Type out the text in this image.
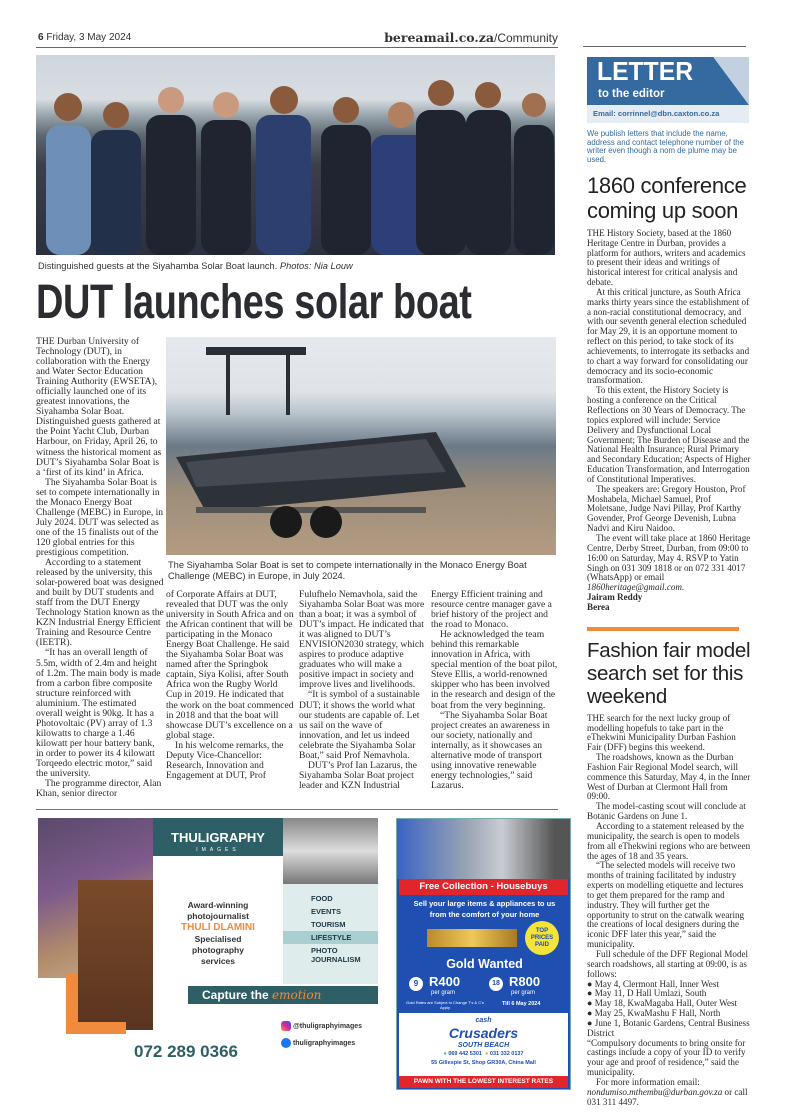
6 Friday, 3 May 2024	bereamail.co.za/Community
Distinguished guests at the Siyahamba Solar Boat launch. Photos: Nia Louw
DUT launches solar boat

THE Durban University of Technology (DUT), in collaboration with the Energy and Water Sector Education Training Authority (EWSETA), officially launched one of its greatest innovations, the Siyahamba Solar Boat. Distinguished guests gathered at the Point Yacht Club, Durban Harbour, on Friday, April 26, to witness the historical moment as DUT’s Siyahamba Solar Boat is a ‘first of its kind’ in Africa.

The Siyahamba Solar Boat is set to compete internationally in the Monaco Energy Boat Challenge (MEBC) in Europe, in July 2024. DUT was selected as one of the 15 finalists out of the 120 global entries for this prestigious competition.

According to a statement released by the university, this solar-powered boat was designed and built by DUT students and staff from the DUT Energy Technology Station known as the KZN Industrial Energy Efficient Training and Resource Centre (IEETR).

“It has an overall length of 5.5m, width of 2.4m and height of 1.2m. The main body is made from a carbon fibre composite structure reinforced with aluminium. The estimated overall weight is 90kg. It has a Photovoltaic (PV) array of 1.3 kilowatts to charge a 1.46 kilowatt per hour battery bank, in order to power its 4 kilowatt Torqeedo electric motor,” said the university.

The programme director, Alan Khan, senior director

The Siyahamba Solar Boat is set to compete internationally in the Monaco Energy Boat Challenge (MEBC) in Europe, in July 2024.

of Corporate Affairs at DUT, revealed that DUT was the only university in South Africa and on the African continent that will be participating in the Monaco Energy Boat Challenge. He said the Siyahamba Solar Boat was named after the Springbok captain, Siya Kolisi, after South Africa won the Rugby World Cup in 2019. He indicated that the work on the boat commenced in 2018 and that the boat will showcase DUT’s excellence on a global stage.

In his welcome remarks, the Deputy Vice-Chancellor: Research, Innovation and Engagement at DUT, Prof

Fulufhelo Nemavhola, said the Siyahamba Solar Boat was more than a boat; it was a symbol of DUT’s impact. He indicated that it was aligned to DUT’s ENVISION2030 strategy, which aspires to produce adaptive graduates who will make a positive impact in society and improve lives and livelihoods.

“It is symbol of a sustainable DUT; it shows the world what our students are capable of. Let us sail on the wave of innovation, and let us indeed celebrate the Siyahamba Solar Boat,” said Prof Nemavhola.

DUT’s Prof Ian Lazarus, the Siyahamba Solar Boat project leader and KZN Industrial

Energy Efficient training and resource centre manager gave a brief history of the project and the road to Monaco.

He acknowledged the team behind this remarkable innovation in Africa, with special mention of the boat pilot, Steve Ellis, a world-renowned skipper who has been involved in the research and design of the boat from the very beginning.

“The Siyahamba Solar Boat project creates an awareness in our society, nationally and internally, as it showcases an alternative mode of transport using innovative renewable energy technologies,” said Lazarus.

THULIGRAPHY
IMAGES
FOOD
EVENTS
TOURISM
LIFESTYLE
PHOTO JOURNALISM
Award-winning
photojournalist
THULI DLAMINI
Specialised photography services
Capture the emotion
072 289 0366
@thuligraphyimages
thuligraphyimages
Free Collection - Housebuys
Sell your large items & appliances to us from the comfort of your home
TOP PRICES PAID
Gold Wanted
9 R400
per gram
18 R800
per gram
Gold Rates are Subject to Change T's & C's Apply
Till 6 May 2024
cash
Crusaders
SOUTH BEACH
● 069 442 5301 ● 031 332 0137
55 Gillespie St, Shop GR30A, China Mall
PAWN WITH THE LOWEST INTEREST RATES
LETTER
to the editor
Email: corrinnel@dbn.caxton.co.za
We publish letters that include the name, address and contact telephone number of the writer even though a nom de plume may be used.
1860 conference coming up soon

THE History Society, based at the 1860 Heritage Centre in Durban, provides a platform for authors, writers and academics to present their ideas and writings of historical interest for critical analysis and debate.

At this critical juncture, as South Africa marks thirty years since the establishment of a non-racial constitutional democracy, and with our seventh general election scheduled for May 29, it is an opportune moment to reflect on this period, to take stock of its achievements, to interrogate its setbacks and to chart a way forward for consolidating our democracy and its socio-economic transformation.

To this extent, the History Society is hosting a conference on the Critical Reflections on 30 Years of Democracy. The topics explored will include: Service Delivery and Dysfunctional Local Government; The Burden of Disease and the National Health Insurance; Rural Primary and Secondary Education; Aspects of Higher Education Transformation, and Interrogation of Constitutional Imperatives.

The speakers are: Gregory Houston, Prof Moshabela, Michael Samuel, Prof Moletsane, Judge Navi Pillay, Prof Karthy Govender, Prof George Devenish, Lubna Nadvi and Kiru Naidoo.

The event will take place at 1860 Heritage Centre, Derby Street, Durban, from 09:00 to 16:00 on Saturday, May 4. RSVP to Yatin Singh on 031 309 1818 or on 072 331 4017 (WhatsApp) or email

1860heritage@gmail.com.

Jairam Reddy

Berea

Fashion fair model search set for this weekend

THE search for the next lucky group of modelling hopefuls to take part in the eThekwini Municipality Durban Fashion Fair (DFF) begins this weekend.

The roadshows, known as the Durban Fashion Fair Regional Model search, will commence this Saturday, May 4, in the Inner West of Durban at Clermont Hall from 09:00.

The model-casting scout will conclude at Botanic Gardens on June 1.

According to a statement released by the municipality, the search is open to models from all eThekwini regions who are between the ages of 18 and 35 years.

“The selected models will receive two months of training facilitated by industry experts on modelling etiquette and lectures to get them prepared for the ramp and industry. They will further get the opportunity to strut on the catwalk wearing the creations of local designers during the iconic DFF later this year,” said the municipality.

Full schedule of the DFF Regional Model search roadshows, all starting at 09:00, is as follows:

● May 4, Clermont Hall, Inner West

● May 11, D Hall Umlazi, South

● May 18, KwaMagaba Hall, Outer West

● May 25, KwaMashu F Hall, North

● June 1, Botanic Gardens, Central Business District

“Compulsory documents to bring onsite for castings include a copy of your ID to verify your age and proof of residence,” said the municipality.

For more information email: nondumiso.mthembu@durban.gov.za or call 031 311 4497.
